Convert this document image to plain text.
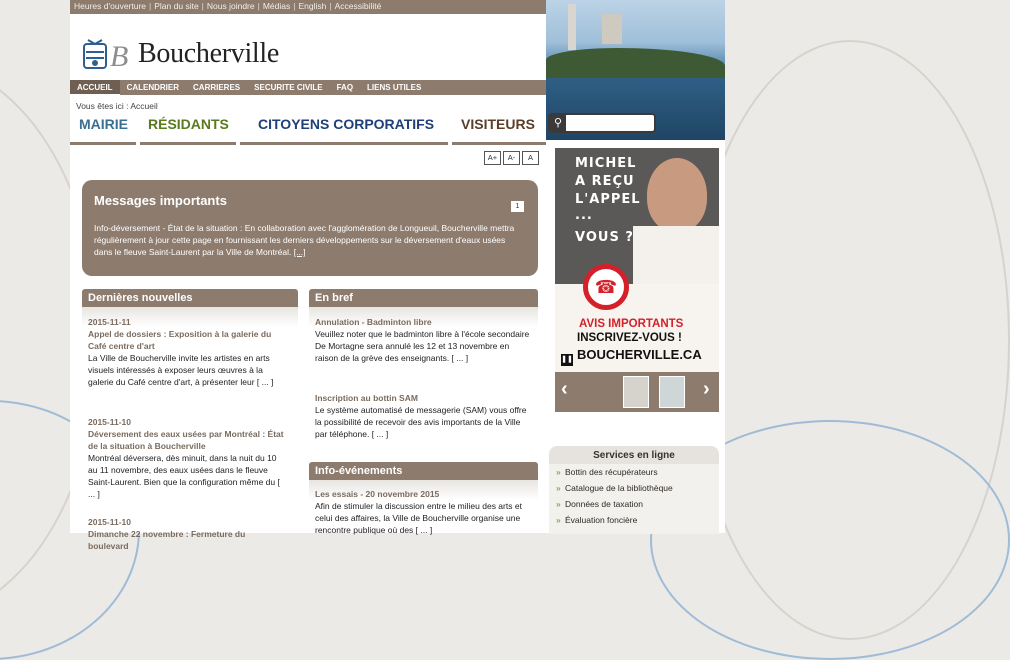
Heures d'ouverture | Plan du site | Nous joindre | Médias | English | Accessibilité
B Boucherville
ACCUEIL CALENDRIER CARRIERES SECURITE CIVILE FAQ LIENS UTILES
Vous êtes ici : Accueil
MAIRIE RÉSIDANTS CITOYENS CORPORATIFS VISITEURS	⚲
A+ A- A
Messages importants	1

Info-déversement - État de la situation : En collaboration avec l'agglomération de Longueuil, Boucherville mettra régulièrement à jour cette page en fournissant les derniers développements sur le déversement d'eaux usées dans le fleuve Saint-Laurent par la Ville de Montréal. [...]

Dernières nouvelles
2015-11-11
Appel de dossiers : Exposition à la galerie du Café centre d'art
La Ville de Boucherville invite les artistes en arts visuels intéressés à exposer leurs œuvres à la galerie du Café centre d'art, à présenter leur [ ... ]
2015-11-10
Déversement des eaux usées par Montréal : État de la situation à Boucherville
Montréal déversera, dès minuit, dans la nuit du 10 au 11 novembre, des eaux usées dans le fleuve Saint-Laurent. Bien que la configuration même du [ ... ]
2015-11-10
Dimanche 22 novembre : Fermeture du boulevard
En bref
Annulation - Badminton libre
Veuillez noter que le badminton libre à l'école secondaire De Mortagne sera annulé les 12 et 13 novembre en raison de la grève des enseignants. [ ... ]
Inscription au bottin SAM
Le système automatisé de messagerie (SAM) vous offre la possibilité de recevoir des avis importants de la Ville par téléphone. [ ... ]
Info-événements
Les essais - 20 novembre 2015
Afin de stimuler la discussion entre le milieu des arts et celui des affaires, la Ville de Boucherville organise une rencontre publique où des [ ... ]
MICHEL
A REÇU
L'APPEL
...
VOUS ?
☎
AVIS IMPORTANTS
INSCRIVEZ-VOUS !
BOUCHERVILLE.CA
❚❚
‹	›
Services en ligne
» Bottin des récupérateurs
» Catalogue de la bibliothèque
» Données de taxation
» Évaluation foncière
